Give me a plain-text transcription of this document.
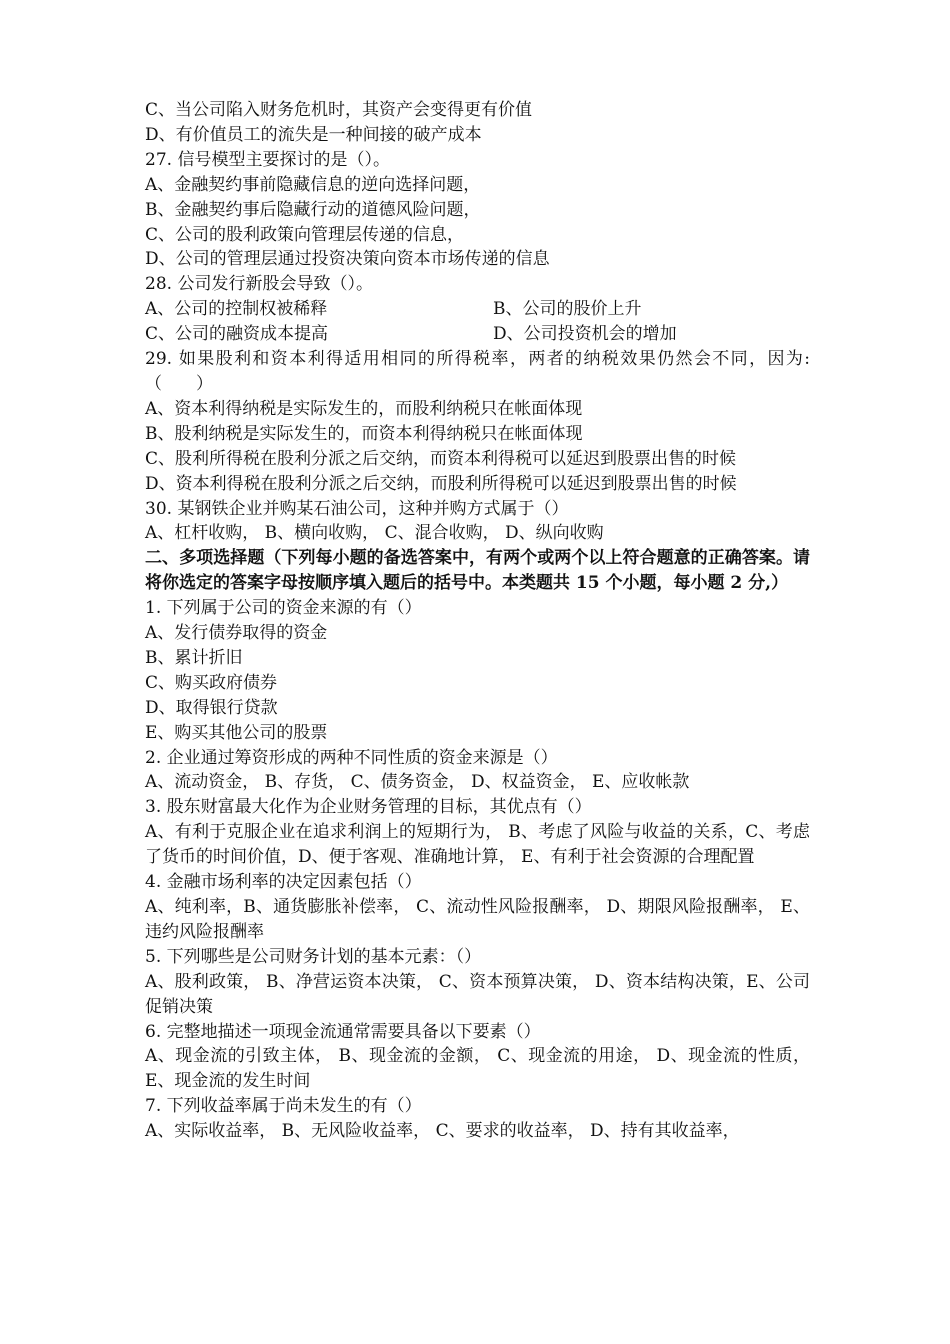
C、当公司陷入财务危机时，其资产会变得更有价值
D、有价值员工的流失是一种间接的破产成本
27. 信号模型主要探讨的是（）。
A、金融契约事前隐藏信息的逆向选择问题，
B、金融契约事后隐藏行动的道德风险问题，
C、公司的股利政策向管理层传递的信息，
D、公司的管理层通过投资决策向资本市场传递的信息
28. 公司发行新股会导致（）。
A、公司的控制权被稀释	B、公司的股价上升
C、公司的融资成本提高	D、公司投资机会的增加
29. 如果股利和资本利得适用相同的所得税率，两者的纳税效果仍然会不同，因为:（　　）
A、资本利得纳税是实际发生的，而股利纳税只在帐面体现
B、股利纳税是实际发生的，而资本利得纳税只在帐面体现
C、股利所得税在股利分派之后交纳，而资本利得税可以延迟到股票出售的时候
D、资本利得税在股利分派之后交纳，而股利所得税可以延迟到股票出售的时候
30. 某钢铁企业并购某石油公司，这种并购方式属于（）
A、杠杆收购， B、横向收购， C、混合收购， D、纵向收购
二、多项选择题（下列每小题的备选答案中，有两个或两个以上符合题意的正确答案。请将你选定的答案字母按顺序填入题后的括号中。本类题共 15 个小题，每小题 2 分,）
1. 下列属于公司的资金来源的有（）
A、发行债券取得的资金
B、累计折旧
C、购买政府债券
D、取得银行贷款
E、购买其他公司的股票
2. 企业通过筹资形成的两种不同性质的资金来源是（）
A、流动资金， B、存货， C、债务资金， D、权益资金， E、应收帐款
3. 股东财富最大化作为企业财务管理的目标，其优点有（）
A、有利于克服企业在追求利润上的短期行为， B、考虑了风险与收益的关系，C、考虑了货币的时间价值，D、便于客观、准确地计算， E、有利于社会资源的合理配置
4. 金融市场利率的决定因素包括（）
A、纯利率，B、通货膨胀补偿率， C、流动性风险报酬率， D、期限风险报酬率， E、违约风险报酬率
5. 下列哪些是公司财务计划的基本元素：（）
A、股利政策， B、净营运资本决策， C、资本预算决策， D、资本结构决策，E、公司促销决策
6. 完整地描述一项现金流通常需要具备以下要素（）
A、现金流的引致主体， B、现金流的金额， C、现金流的用途， D、现金流的性质， E、现金流的发生时间
7. 下列收益率属于尚未发生的有（）
A、实际收益率， B、无风险收益率， C、要求的收益率， D、持有其收益率，
